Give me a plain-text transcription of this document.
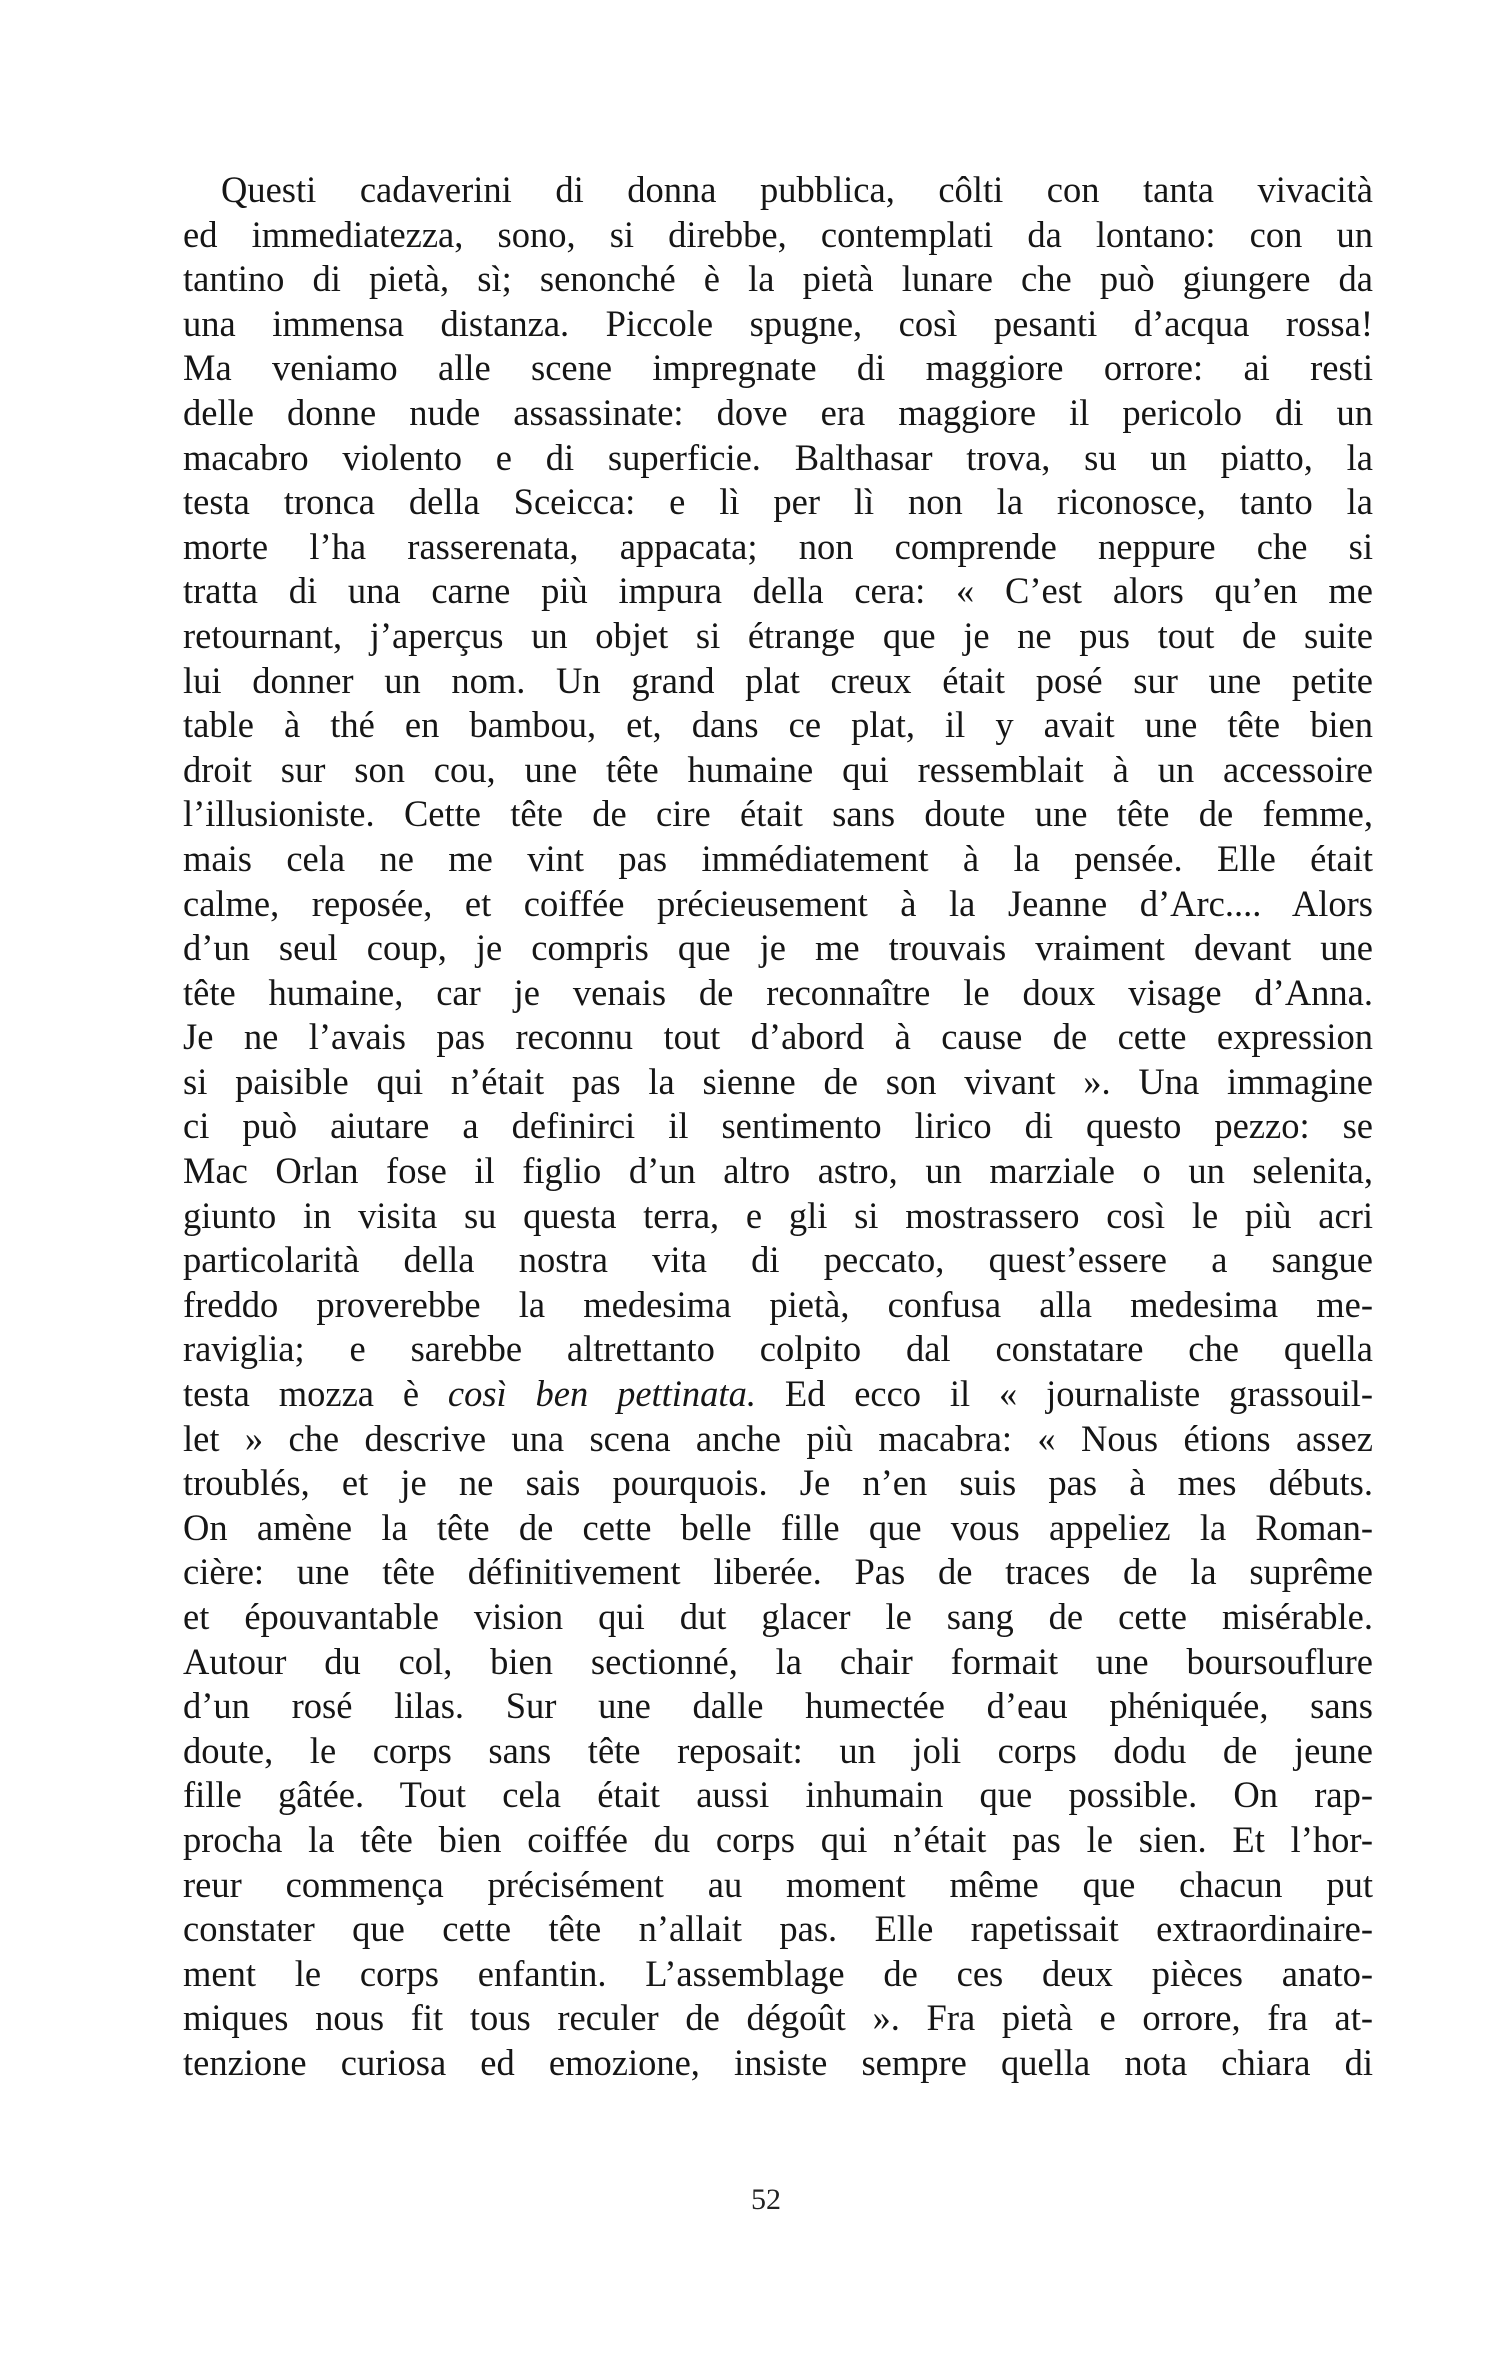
Questi cadaverini di donna pubblica, côlti con tanta vivacità
ed immediatezza, sono, si direbbe, contemplati da lontano: con un
tantino di pietà, sì; senonché è la pietà lunare che può giungere da
una immensa distanza. Piccole spugne, così pesanti d’acqua rossa!
Ma veniamo alle scene impregnate di maggiore orrore: ai resti
delle donne nude assassinate: dove era maggiore il pericolo di un
macabro violento e di superficie. Balthasar trova, su un piatto, la
testa tronca della Sceicca: e lì per lì non la riconosce, tanto la
morte l’ha rasserenata, appacata; non comprende neppure che si
tratta di una carne più impura della cera: « C’est alors qu’en me
retournant, j’aperçus un objet si étrange que je ne pus tout de suite
lui donner un nom. Un grand plat creux était posé sur une petite
table à thé en bambou, et, dans ce plat, il y avait une tête bien
droit sur son cou, une tête humaine qui ressemblait à un accessoire
l’illusioniste. Cette tête de cire était sans doute une tête de femme,
mais cela ne me vint pas immédiatement à la pensée. Elle était
calme, reposée, et coiffée précieusement à la Jeanne d’Arc.... Alors
d’un seul coup, je compris que je me trouvais vraiment devant une
tête humaine, car je venais de reconnaître le doux visage d’Anna.
Je ne l’avais pas reconnu tout d’abord à cause de cette expression
si paisible qui n’était pas la sienne de son vivant ». Una immagine
ci può aiutare a definirci il sentimento lirico di questo pezzo: se
Mac Orlan fose il figlio d’un altro astro, un marziale o un selenita,
giunto in visita su questa terra, e gli si mostrassero così le più acri
particolarità della nostra vita di peccato, quest’essere a sangue
freddo proverebbe la medesima pietà, confusa alla medesima me-
raviglia; e sarebbe altrettanto colpito dal constatare che quella
testa mozza è così ben pettinata. Ed ecco il « journaliste grassouil-
let » che descrive una scena anche più macabra: « Nous étions assez
troublés, et je ne sais pourquois. Je n’en suis pas à mes débuts.
On amène la tête de cette belle fille que vous appeliez la Roman-
cière: une tête définitivement liberée. Pas de traces de la suprême
et épouvantable vision qui dut glacer le sang de cette misérable.
Autour du col, bien sectionné, la chair formait une boursouflure
d’un rosé lilas. Sur une dalle humectée d’eau phéniquée, sans
doute, le corps sans tête reposait: un joli corps dodu de jeune
fille gâtée. Tout cela était aussi inhumain que possible. On rap-
procha la tête bien coiffée du corps qui n’était pas le sien. Et l’hor-
reur commença précisément au moment même que chacun put
constater que cette tête n’allait pas. Elle rapetissait extraordinaire-
ment le corps enfantin. L’assemblage de ces deux pièces anato-
miques nous fit tous reculer de dégoût ». Fra pietà e orrore, fra at-
tenzione curiosa ed emozione, insiste sempre quella nota chiara di
52
